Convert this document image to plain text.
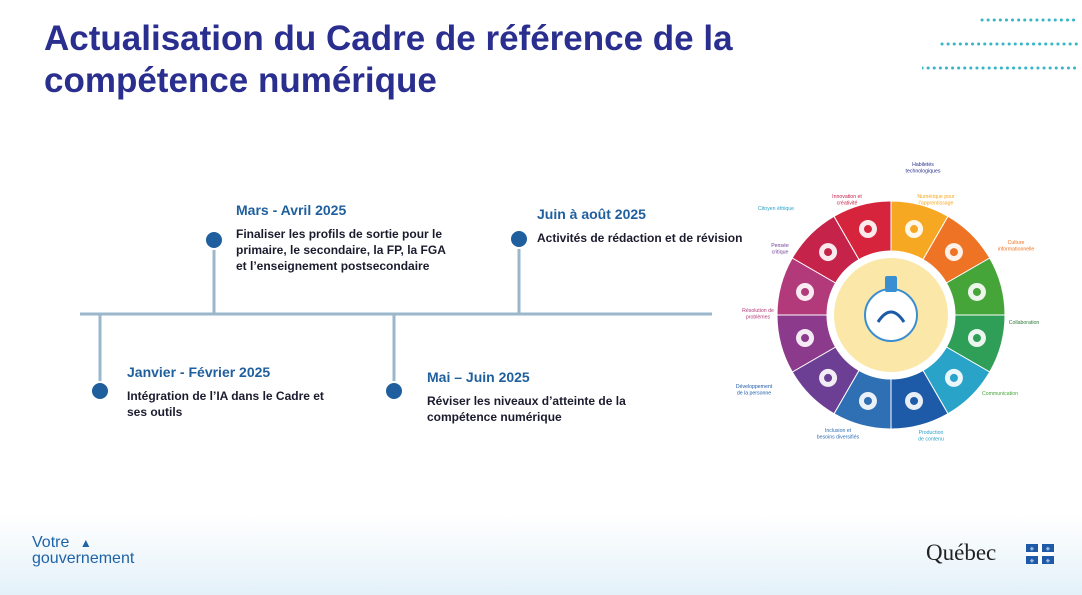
Actualisation du Cadre de référence de la
compétence numérique
Mars - Avril 2025
Finaliser les profils de sortie pour le
primaire, le secondaire, la FP, la FGA
et l’enseignement postsecondaire
Juin à août 2025
Activités de rédaction et de révision
Janvier - Février 2025
Intégration de l’IA dans le Cadre et
ses outils
Mai – Juin 2025
Réviser les niveaux d’atteinte de la
compétence numérique
Habiletés technologiques
Innovation et créativité
Citoyen éthique
Numérique pour l’apprentissage
Culture informationnelle
Pensée critique
Résolution de problèmes
Collaboration
Développement de la personne	Communication
Inclusion et besoins diversifiés
Production de contenu
Votre ▲
gouvernement	Québec	⚜ ⚜
⚜ ⚜
